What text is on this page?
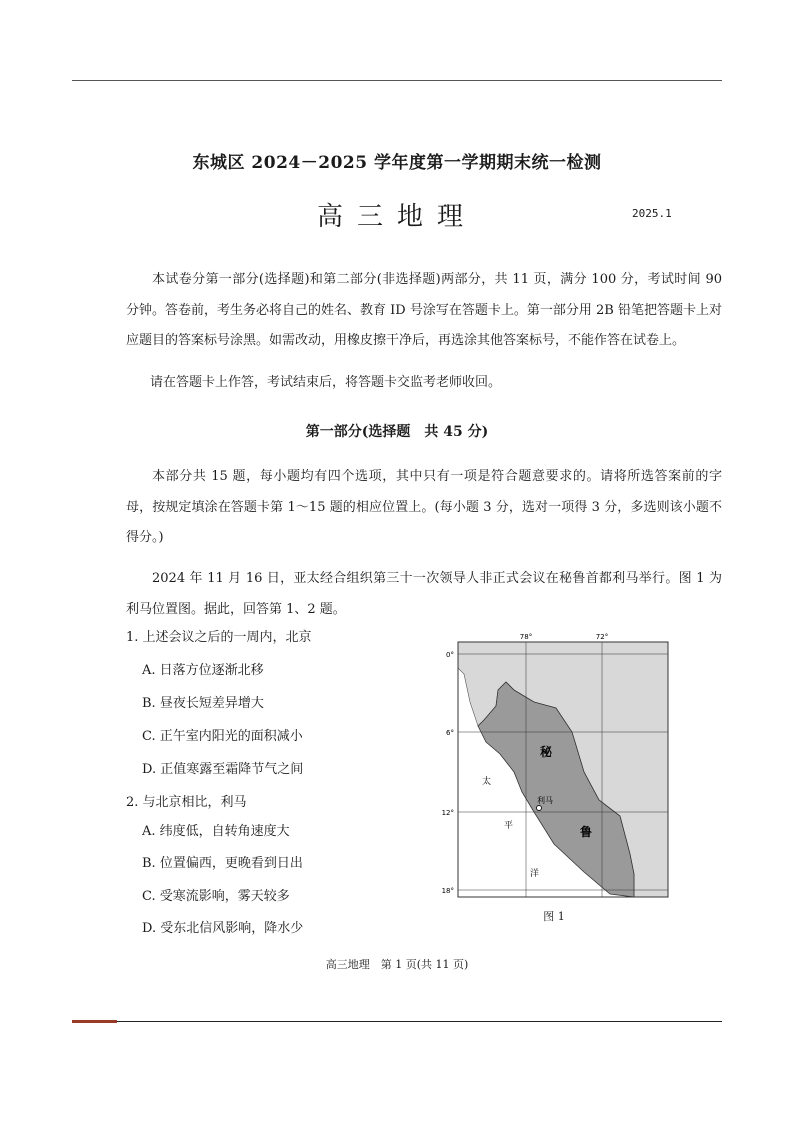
东城区 2024－2025 学年度第一学期期末统一检测
高三地理	2025.1
本试卷分第一部分(选择题)和第二部分(非选择题)两部分，共 11 页，满分 100 分，考试时间 90 分钟。答卷前，考生务必将自己的姓名、教育 ID 号涂写在答题卡上。第一部分用 2B 铅笔把答题卡上对应题目的答案标号涂黑。如需改动，用橡皮擦干净后，再选涂其他答案标号，不能作答在试卷上。
请在答题卡上作答，考试结束后，将答题卡交监考老师收回。
第一部分(选择题　共 45 分)
本部分共 15 题，每小题均有四个选项，其中只有一项是符合题意要求的。请将所选答案前的字母，按规定填涂在答题卡第 1～15 题的相应位置上。(每小题 3 分，选对一项得 3 分，多选则该小题不得分。)
2024 年 11 月 16 日，亚太经合组织第三十一次领导人非正式会议在秘鲁首都利马举行。图 1 为利马位置图。据此，回答第 1、2 题。
1. 上述会议之后的一周内，北京
A. 日落方位逐渐北移
B. 昼夜长短差异增大
C. 正午室内阳光的面积减小
D. 正值寒露至霜降节气之间
2. 与北京相比，利马
A. 纬度低，自转角速度大
B. 位置偏西，更晚看到日出
C. 受寒流影响，雾天较多
D. 受东北信风影响，降水少
78°	72°
0°
6°
12°
18°
秘
鲁
太
平
洋
利马
图 1
高三地理　第 1 页(共 11 页)
